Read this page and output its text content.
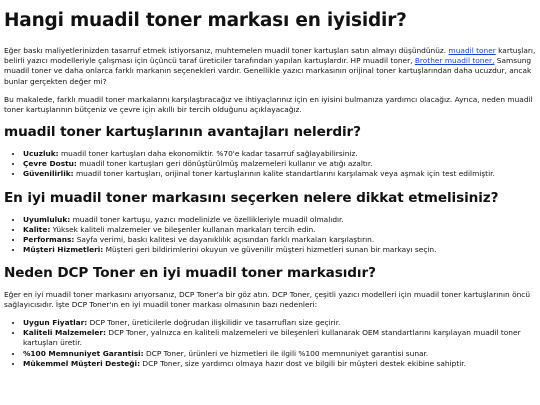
Hangi muadil toner markası en iyisidir?

Eğer baskı maliyetlerinizden tasarruf etmek istiyorsanız, muhtemelen muadil toner kartuşları satın almayı düşündünüz. muadil toner kartuşları, belirli yazıcı modelleriyle çalışması için üçüncü taraf üreticiler tarafından yapılan kartuşlardır. HP muadil toner, Brother muadil toner, Samsung muadil toner ve daha onlarca farklı markanın seçenekleri vardır. Genellikle yazıcı markasının orijinal toner kartuşlarından daha ucuzdur, ancak bunlar gerçekten değer mi?

Bu makalede, farklı muadil toner markalarını karşılaştıracağız ve ihtiyaçlarınız için en iyisini bulmanıza yardımcı olacağız. Ayrıca, neden muadil toner kartuşlarının bütçeniz ve çevre için akıllı bir tercih olduğunu açıklayacağız.

muadil toner kartuşlarının avantajları nelerdir?
• Ucuzluk: muadil toner kartuşları daha ekonomiktir. %70'e kadar tasarruf sağlayabilirsiniz.
• Çevre Dostu: muadil toner kartuşları geri dönüştürülmüş malzemeleri kullanır ve atığı azaltır.
• Güvenilirlik: muadil toner kartuşları, orijinal toner kartuşlarının kalite standartlarını karşılamak veya aşmak için test edilmiştir.
En iyi muadil toner markasını seçerken nelere dikkat etmelisiniz?
• Uyumluluk: muadil toner kartuşu, yazıcı modelinizle ve özellikleriyle muadil olmalıdır.
• Kalite: Yüksek kaliteli malzemeler ve bileşenler kullanan markaları tercih edin.
• Performans: Sayfa verimi, baskı kalitesi ve dayanıklılık açısından farklı markaları karşılaştırın.
• Müşteri Hizmetleri: Müşteri geri bildirimlerini okuyun ve güvenilir müşteri hizmetleri sunan bir markayı seçin.
Neden DCP Toner en iyi muadil toner markasıdır?

Eğer en iyi muadil toner markasını arıyorsanız, DCP Toner'a bir göz atın. DCP Toner, çeşitli yazıcı modelleri için muadil toner kartuşlarının öncü sağlayıcısıdır. İşte DCP Toner'ın en iyi muadil toner markası olmasının bazı nedenleri:

• Uygun Fiyatlar: DCP Toner, üreticilerle doğrudan ilişkilidir ve tasarrufları size geçirir.
• Kaliteli Malzemeler: DCP Toner, yalnızca en kaliteli malzemeleri ve bileşenleri kullanarak OEM standartlarını karşılayan muadil toner kartuşları üretir.
• %100 Memnuniyet Garantisi: DCP Toner, ürünleri ve hizmetleri ile ilgili %100 memnuniyet garantisi sunar.
• Mükemmel Müşteri Desteği: DCP Toner, size yardımcı olmaya hazır dost ve bilgili bir müşteri destek ekibine sahiptir.
